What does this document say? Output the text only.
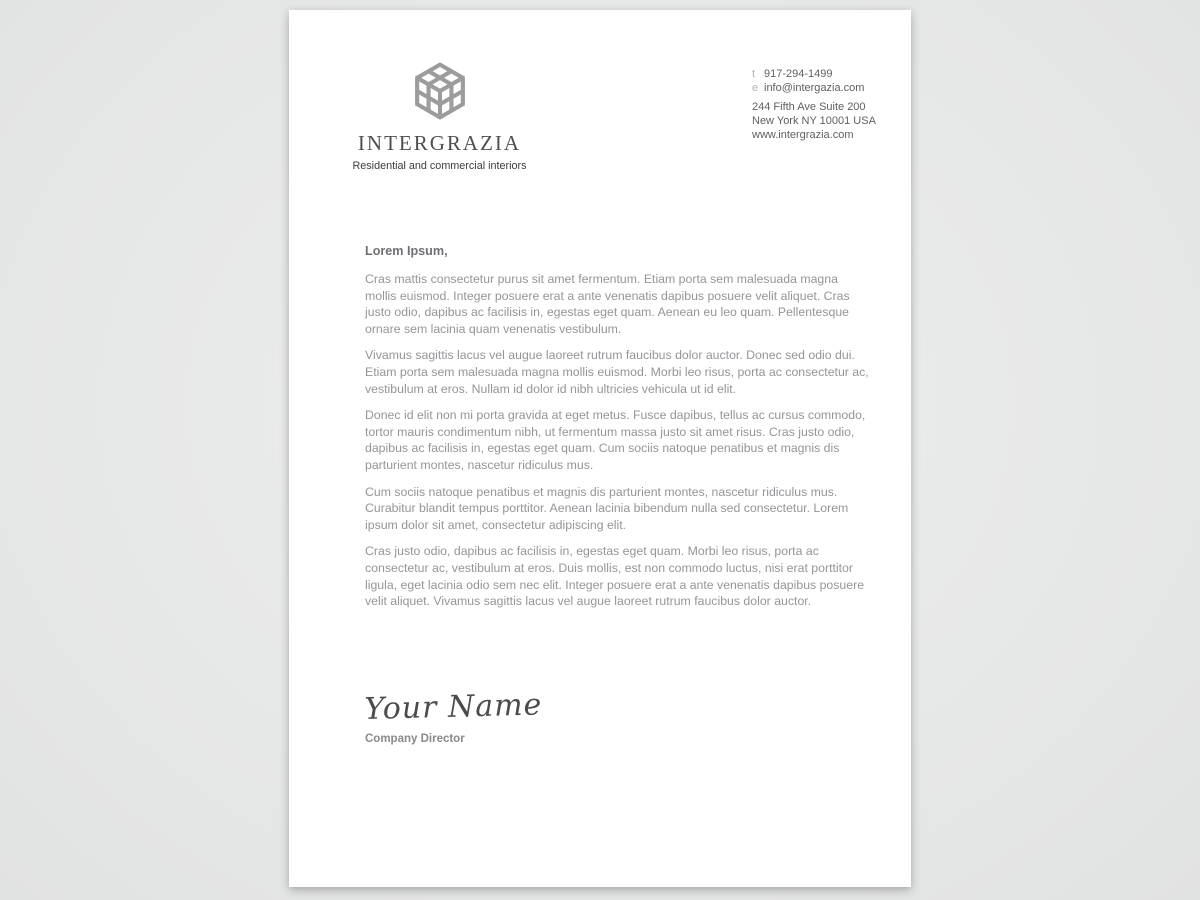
INTERGRAZIA
Residential and commercial interiors
t 917-294-1499
e info@intergazia.com
244 Fifth Ave Suite 200
New York NY 10001 USA
www.intergrazia.com
Lorem Ipsum,

Cras mattis consectetur purus sit amet fermentum. Etiam porta sem malesuada magna mollis euismod. Integer posuere erat a ante venenatis dapibus posuere velit aliquet. Cras justo odio, dapibus ac facilisis in, egestas eget quam. Aenean eu leo quam. Pellentesque ornare sem lacinia quam venenatis vestibulum.

Vivamus sagittis lacus vel augue laoreet rutrum faucibus dolor auctor. Donec sed odio dui. Etiam porta sem malesuada magna mollis euismod. Morbi leo risus, porta ac consectetur ac, vestibulum at eros. Nullam id dolor id nibh ultricies vehicula ut id elit.

Donec id elit non mi porta gravida at eget metus. Fusce dapibus, tellus ac cursus commodo, tortor mauris condimentum nibh, ut fermentum massa justo sit amet risus. Cras justo odio, dapibus ac facilisis in, egestas eget quam. Cum sociis natoque penatibus et magnis dis parturient montes, nascetur ridiculus mus.

Cum sociis natoque penatibus et magnis dis parturient montes, nascetur ridiculus mus. Curabitur blandit tempus porttitor. Aenean lacinia bibendum nulla sed consectetur. Lorem ipsum dolor sit amet, consectetur adipiscing elit.

Cras justo odio, dapibus ac facilisis in, egestas eget quam. Morbi leo risus, porta ac consectetur ac, vestibulum at eros. Duis mollis, est non commodo luctus, nisi erat porttitor ligula, eget lacinia odio sem nec elit. Integer posuere erat a ante venenatis dapibus posuere velit aliquet. Vivamus sagittis lacus vel augue laoreet rutrum faucibus dolor auctor.

Your Name
Company Director
